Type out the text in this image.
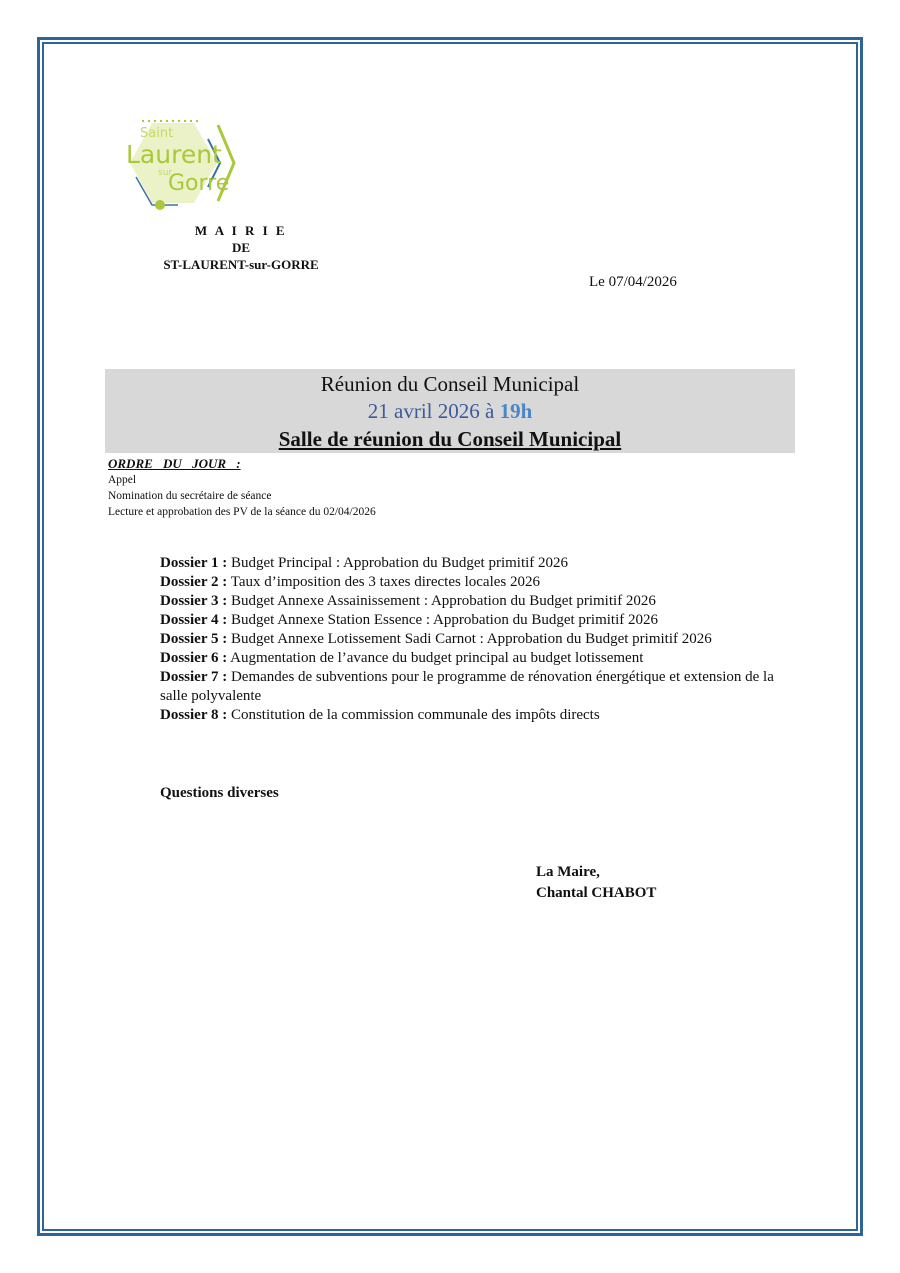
Saint
Laurent
sur
Gorre
M A I R I E
DE
ST-LAURENT-sur-GORRE
Le 07/04/2026
Réunion du Conseil Municipal
21 avril 2026 à 19h
Salle de réunion du Conseil Municipal
ORDRE DU JOUR :
Appel
Nomination du secrétaire de séance
Lecture et approbation des PV de la séance du 02/04/2026
Dossier 1 : Budget Principal : Approbation du Budget primitif 2026
Dossier 2 : Taux d’imposition des 3 taxes directes locales 2026
Dossier 3 : Budget Annexe Assainissement : Approbation du Budget primitif 2026
Dossier 4 : Budget Annexe Station Essence : Approbation du Budget primitif 2026
Dossier 5 : Budget Annexe Lotissement Sadi Carnot : Approbation du Budget primitif 2026
Dossier 6 : Augmentation de l’avance du budget principal au budget lotissement
Dossier 7 : Demandes de subventions pour le programme de rénovation énergétique et extension de la salle polyvalente
Dossier 8 : Constitution de la commission communale des impôts directs
Questions diverses
La Maire,
Chantal CHABOT
